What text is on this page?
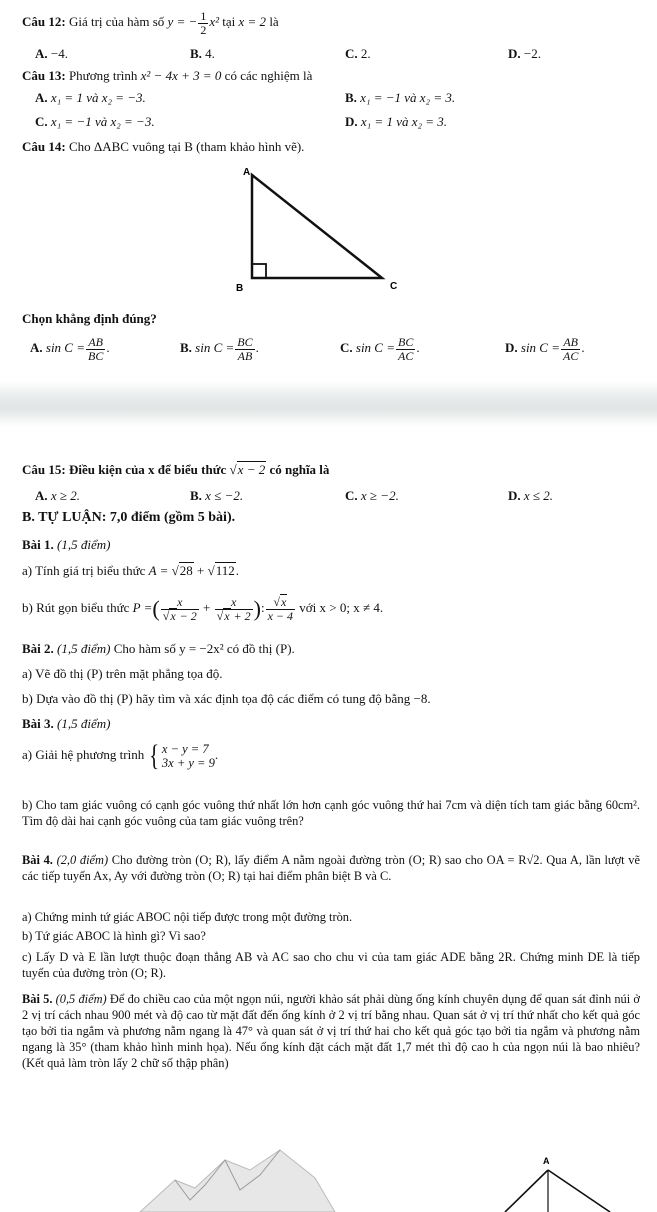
Câu 12: Giá trị của hàm số y = − $\frac{1}{2} x^2$ tại x = 2 là
A. −4.	B. 4.	C. 2.	D. −2.
Câu 13: Phương trình x² − 4x + 3 = 0 có các nghiệm là
A. x₁ = 1 và x₂ = −3.	B. x₁ = −1 và x₂ = 3.
C. x₁ = −1 và x₂ = −3.	D. x₁ = 1 và x₂ = 3.
Câu 14: Cho ΔABC vuông tại B (tham khảo hình vẽ).
A
B	C
Chọn khẳng định đúng?
A. $\sin C = \frac{AB}{BC}$ .	B. $\sin C = \frac{BC}{AB}$ .	C. $\sin C = \frac{BC}{AC}$ .	D. $\sin C = \frac{AB}{AC}$ .
Câu 15: Điều kiện của x để biểu thức √x − 2 có nghĩa là
A. x ≥ 2.	B. x ≤ −2.	C. x ≥ −2.	D. x ≤ 2.
B. TỰ LUẬN: 7,0 điểm (gồm 5 bài).
Bài 1. (1,5 điểm)
a) Tính giá trị biểu thức A = √28 + √112.
b) Rút gọn biểu thức P =( $\frac{x}{√x - 2} + \frac{x}{√x + 2}$ ): $\frac{√x}{x - 4}$ với x > 0; x ≠ 4.
Bài 2. (1,5 điểm) Cho hàm số y = −2x² có đồ thị (P).
a) Vẽ đồ thị (P) trên mặt phẳng tọa độ.
b) Dựa vào đồ thị (P) hãy tìm và xác định tọa độ các điểm có tung độ bằng −8.
Bài 3. (1,5 điểm)
a) Giải hệ phương trình { x − y = 7
3x + y = 9
.
b) Cho tam giác vuông có cạnh góc vuông thứ nhất lớn hơn cạnh góc vuông thứ hai 7cm và diện tích tam giác bằng 60cm². Tìm độ dài hai cạnh góc vuông của tam giác vuông trên?
Bài 4. (2,0 điểm) Cho đường tròn (O; R), lấy điểm A nằm ngoài đường tròn (O; R) sao cho OA = R√2. Qua A, lần lượt vẽ các tiếp tuyến Ax, Ay với đường tròn (O; R) tại hai điểm phân biệt B và C.
a) Chứng minh tứ giác ABOC nội tiếp được trong một đường tròn.
b) Tứ giác ABOC là hình gì? Vì sao?
c) Lấy D và E lần lượt thuộc đoạn thẳng AB và AC sao cho chu vi của tam giác ADE bằng 2R. Chứng minh DE là tiếp tuyến của đường tròn (O; R).
Bài 5. (0,5 điểm) Để đo chiều cao của một ngọn núi, người khảo sát phải dùng ống kính chuyên dụng để quan sát đỉnh núi ở 2 vị trí cách nhau 900 mét và độ cao từ mặt đất đến ống kính ở 2 vị trí bằng nhau. Quan sát ở vị trí thứ nhất cho kết quả góc tạo bởi tia ngắm và phương nằm ngang là 47° và quan sát ở vị trí thứ hai cho kết quả góc tạo bởi tia ngắm và phương nằm ngang là 35° (tham khảo hình minh họa). Nếu ống kính đặt cách mặt đất 1,7 mét thì độ cao h của ngọn núi là bao nhiêu? (Kết quả làm tròn lấy 2 chữ số thập phân)
A
